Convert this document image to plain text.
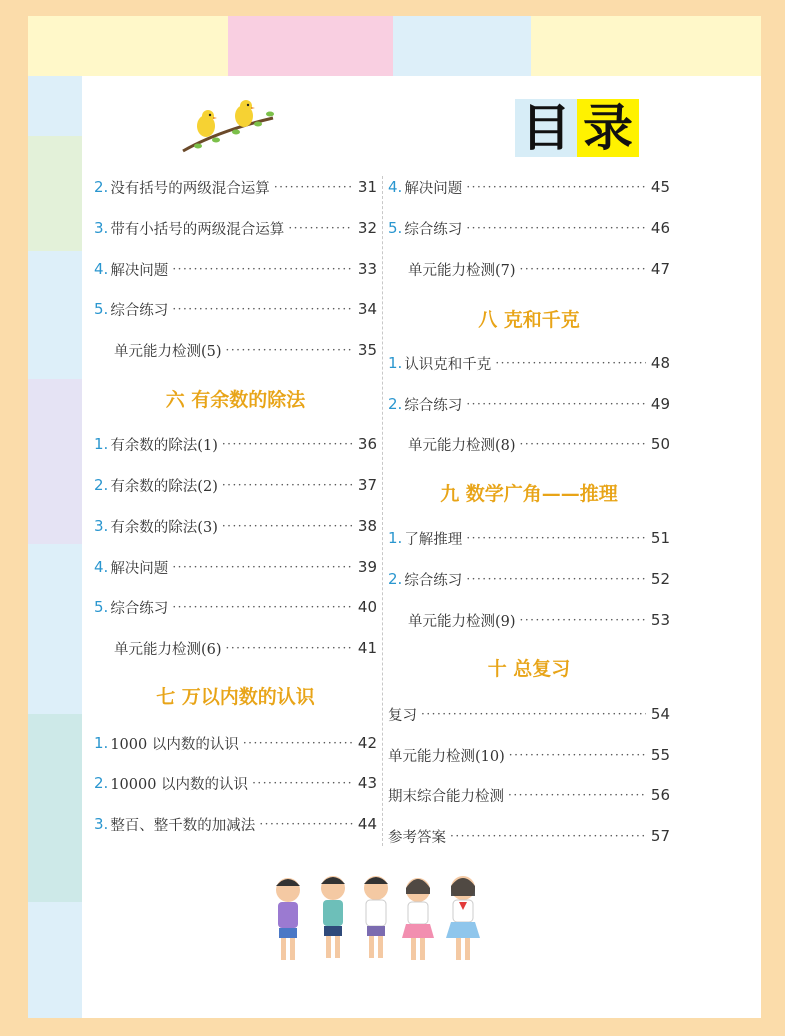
目 录
2. 没有括号的两级混合运算 ·····	31
3. 带有小括号的两级混合运算 ·····	32
4. 解决问题 ·····	33
5. 综合练习 ·····	34
单元能力检测(5) ·····	35
六 有余数的除法
1. 有余数的除法(1) ·····	36
2. 有余数的除法(2) ·····	37
3. 有余数的除法(3) ·····	38
4. 解决问题 ·····	39
5. 综合练习 ·····	40
单元能力检测(6) ·····	41
七 万以内数的认识
1. 1000 以内数的认识 ·····	42
2. 10000 以内数的认识 ·····	43
3. 整百、整千数的加减法 ·····	44
4. 解决问题 ·····	45
5. 综合练习 ·····	46
单元能力检测(7) ·····	47
八 克和千克
1. 认识克和千克 ·····	48
2. 综合练习 ·····	49
单元能力检测(8) ·····	50
九 数学广角——推理
1. 了解推理 ·····	51
2. 综合练习 ·····	52
单元能力检测(9) ·····	53
十 总复习
复习 ·····	54
单元能力检测(10) ·····	55
期末综合能力检测 ·····	56
参考答案 ·····	57
